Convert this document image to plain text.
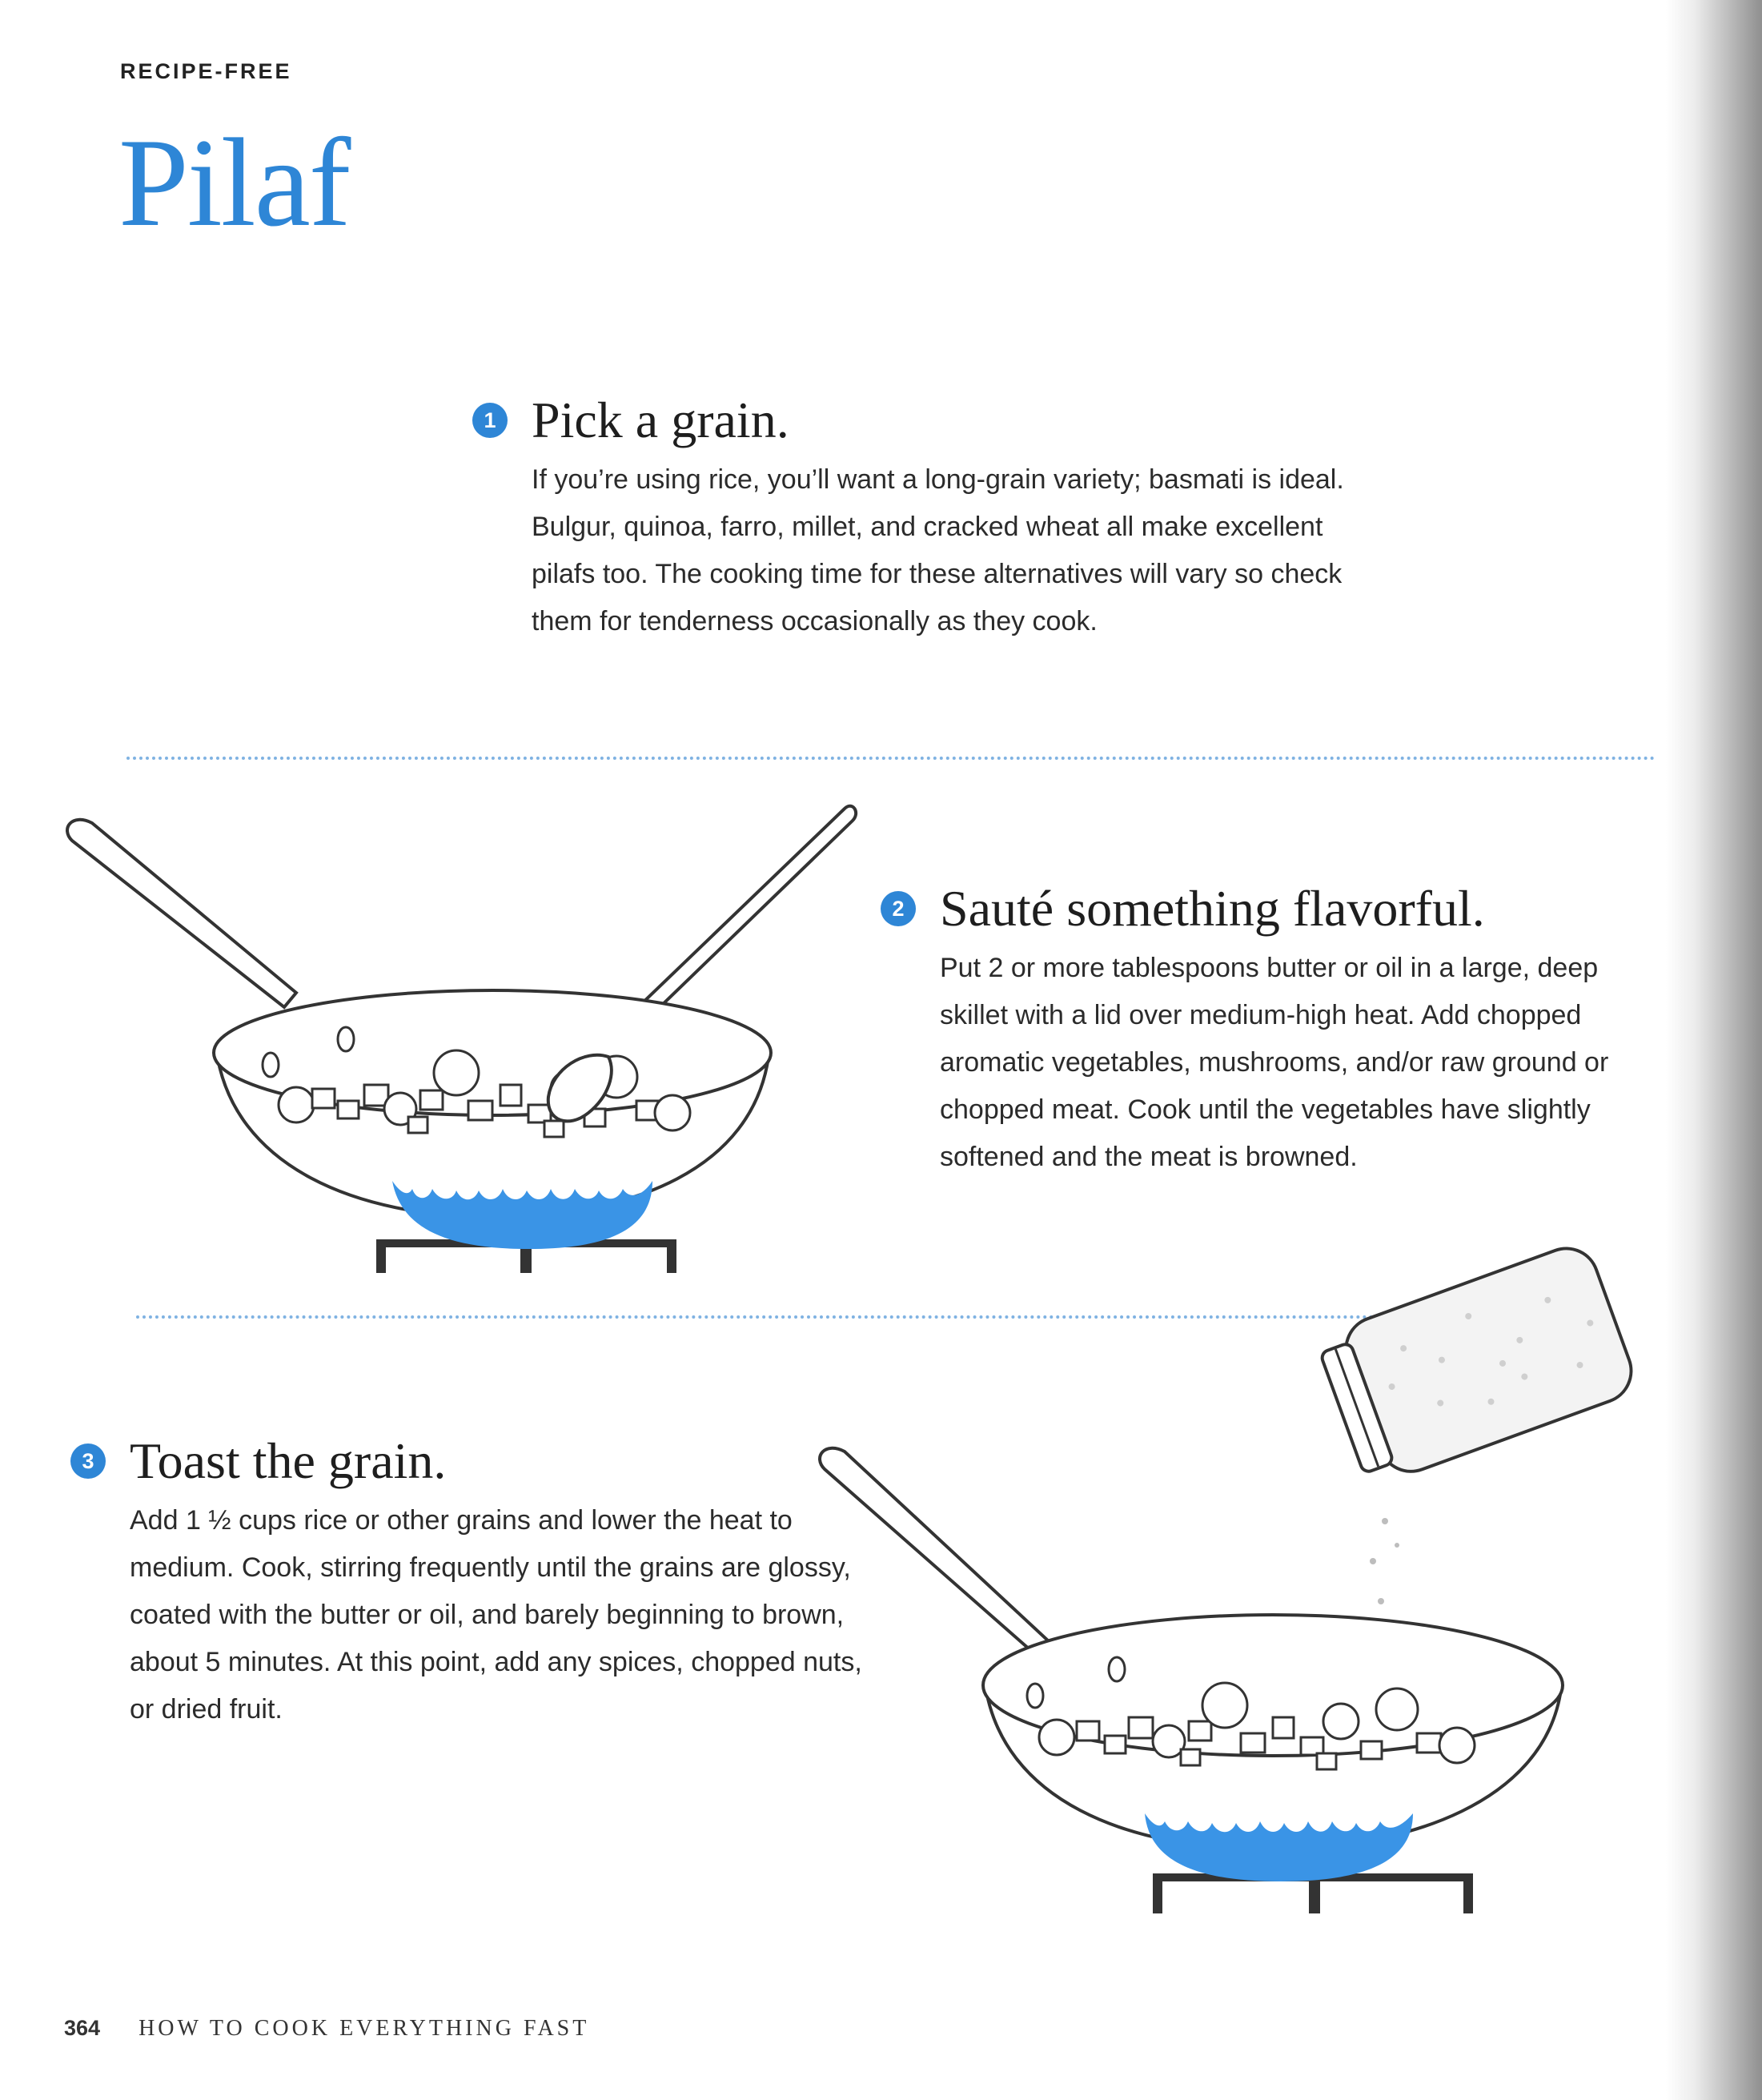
RECIPE-FREE
Pilaf
1 Pick a grain.
If you’re using rice, you’ll want a long-grain variety; basmati is ideal. Bulgur, quinoa, farro, millet, and cracked wheat all make excellent pilafs too. The cooking time for these alternatives will vary so check them for tenderness occasionally as they cook.
2 Sauté something flavorful.
Put 2 or more tablespoons butter or oil in a large, deep skillet with a lid over medium-high heat. Add chopped aromatic vegetables, mushrooms, and/or raw ground or chopped meat. Cook until the vegetables have slightly softened and the meat is browned.
3 Toast the grain.
Add 1 ½ cups rice or other grains and lower the heat to medium. Cook, stirring frequently until the grains are glossy, coated with the butter or oil, and barely beginning to brown, about 5 minutes. At this point, add any spices, chopped nuts, or dried fruit.
364 HOW TO COOK EVERYTHING FAST
